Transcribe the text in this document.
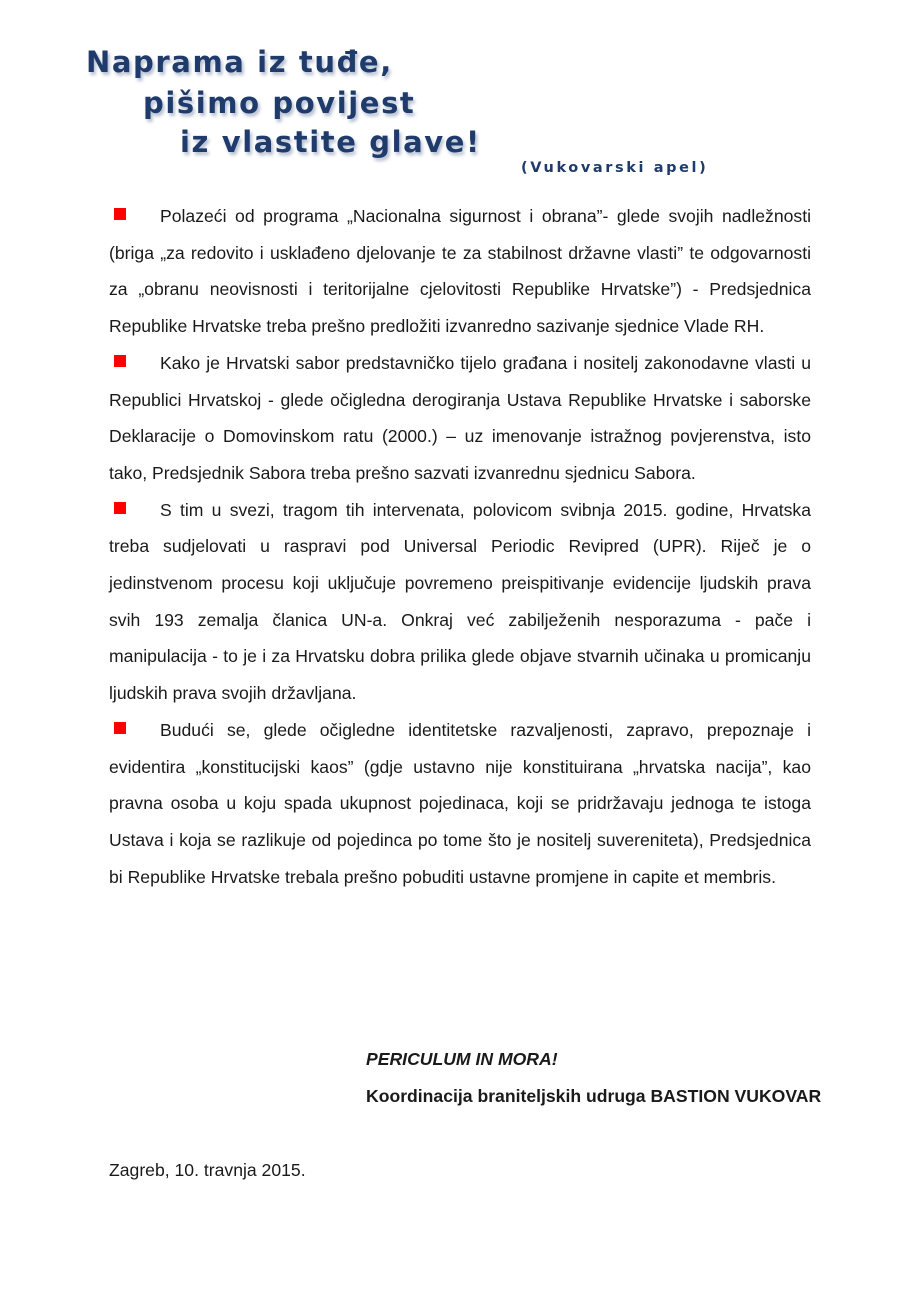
Naprama iz tuđe,
pišimo povijest
iz vlastite glave!
(Vukovarski apel)
Polazeći od programa „Nacionalna sigurnost i obrana”- glede svojih nadležnosti (briga „za redovito i usklađeno djelovanje te za stabilnost državne vlasti” te odgovarnosti za „obranu neovisnosti i teritorijalne cjelovitosti Republike Hrvatske”) - Predsjednica Republike Hrvatske treba prešno predložiti izvanredno sazivanje sjednice Vlade RH.
Kako je Hrvatski sabor predstavničko tijelo građana i nositelj zakonodavne vlasti u Republici Hrvatskoj - glede očigledna derogiranja Ustava Republike Hrvatske i saborske Deklaracije o Domovinskom ratu (2000.) – uz imenovanje istražnog povjerenstva, isto tako, Predsjednik Sabora treba prešno sazvati izvanrednu sjednicu Sabora.
S tim u svezi, tragom tih intervenata, polovicom svibnja 2015. godine, Hrvatska treba sudjelovati u raspravi pod Universal Periodic Revipred (UPR). Riječ je o jedinstvenom procesu koji uključuje povremeno preispitivanje evidencije ljudskih prava svih 193 zemalja članica UN-a. Onkraj već zabilježenih nesporazuma - pače i manipulacija - to je i za Hrvatsku dobra prilika glede objave stvarnih učinaka u promicanju ljudskih prava svojih državljana.
Budući se, glede očigledne identitetske razvaljenosti, zapravo, prepoznaje i evidentira „konstitucijski kaos” (gdje ustavno nije konstituirana „hrvatska nacija”, kao pravna osoba u koju spada ukupnost pojedinaca, koji se pridržavaju jednoga te istoga Ustava i koja se razlikuje od pojedinca po tome što je nositelj suvereniteta), Predsjednica bi Republike Hrvatske trebala prešno pobuditi ustavne promjene in capite et membris.

PERICULUM IN MORA!

Koordinacija braniteljskih udruga BASTION VUKOVAR

Zagreb, 10. travnja 2015.
